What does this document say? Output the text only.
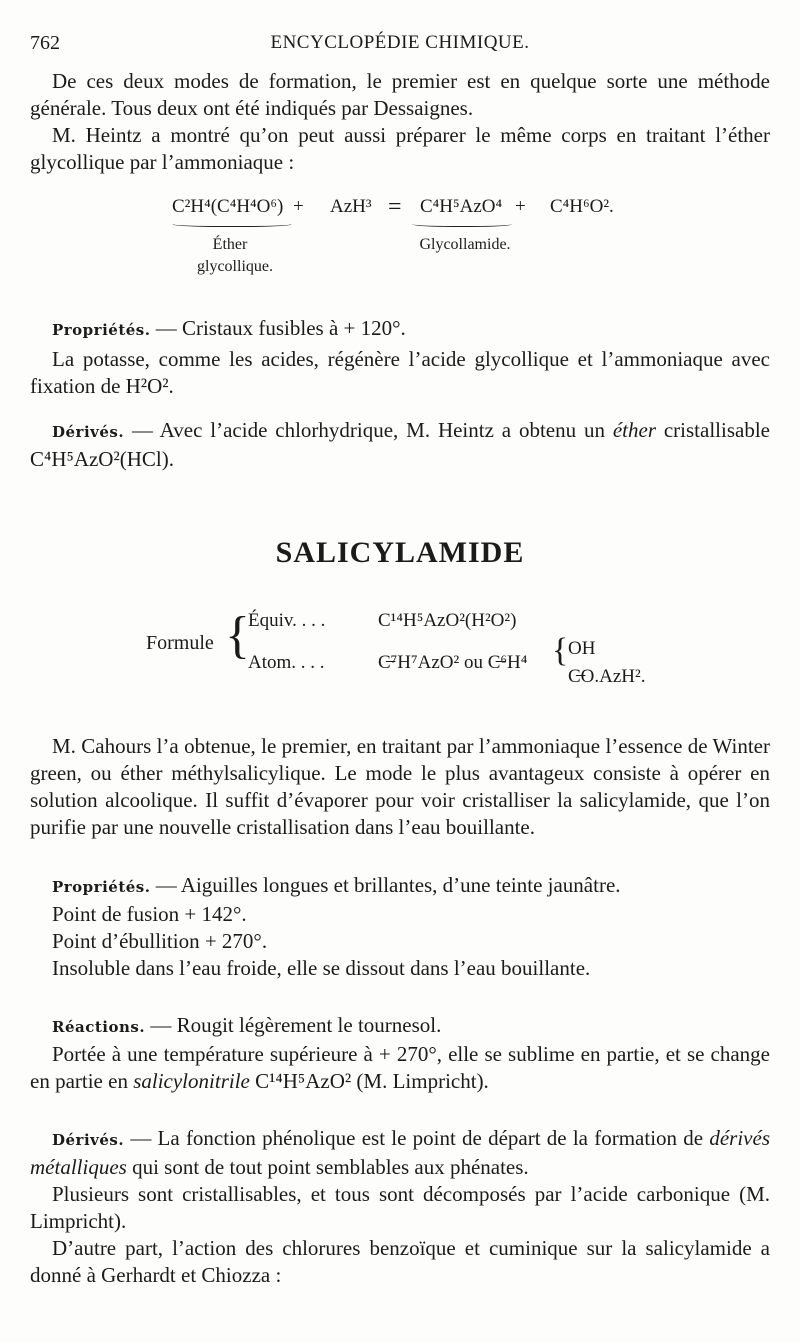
762	ENCYCLOPÉDIE CHIMIQUE.

De ces deux modes de formation, le premier est en quelque sorte une méthode générale. Tous deux ont été indiqués par Dessaignes.

M. Heintz a montré qu’on peut aussi préparer le même corps en traitant l’éther glycollique par l’ammoniaque :

C²H⁴(C⁴H⁴O⁶) + AzH³ = C⁴H⁵AzO⁴ + C⁴H⁶O².
Éther
glycollique.
Glycollamide.

Propriétés. — Cristaux fusibles à + 120°.

La potasse, comme les acides, régénère l’acide glycollique et l’ammoniaque avec fixation de H²O².

Dérivés. — Avec l’acide chlorhydrique, M. Heintz a obtenu un éther cristallisable C⁴H⁵AzO²(HCl).

SALICYLAMIDE
Formule {
Équiv. . . .	C¹⁴H⁵AzO²(H²O²)
Atom. . . .	C̶⁷H⁷AzO² ou C̶⁶H⁴ { OH
C̶O.AzH².

M. Cahours l’a obtenue, le premier, en traitant par l’ammoniaque l’essence de Winter green, ou éther méthylsalicylique. Le mode le plus avantageux consiste à opérer en solution alcoolique. Il suffit d’évaporer pour voir cristalliser la salicylamide, que l’on purifie par une nouvelle cristallisation dans l’eau bouillante.

Propriétés. — Aiguilles longues et brillantes, d’une teinte jaunâtre.

Point de fusion + 142°.

Point d’ébullition + 270°.

Insoluble dans l’eau froide, elle se dissout dans l’eau bouillante.

Réactions. — Rougit légèrement le tournesol.

Portée à une température supérieure à + 270°, elle se sublime en partie, et se change en partie en salicylonitrile C¹⁴H⁵AzO² (M. Limpricht).

Dérivés. — La fonction phénolique est le point de départ de la formation de dérivés métalliques qui sont de tout point semblables aux phénates.

Plusieurs sont cristallisables, et tous sont décomposés par l’acide carbonique (M. Limpricht).

D’autre part, l’action des chlorures benzoïque et cuminique sur la salicylamide a donné à Gerhardt et Chiozza :
